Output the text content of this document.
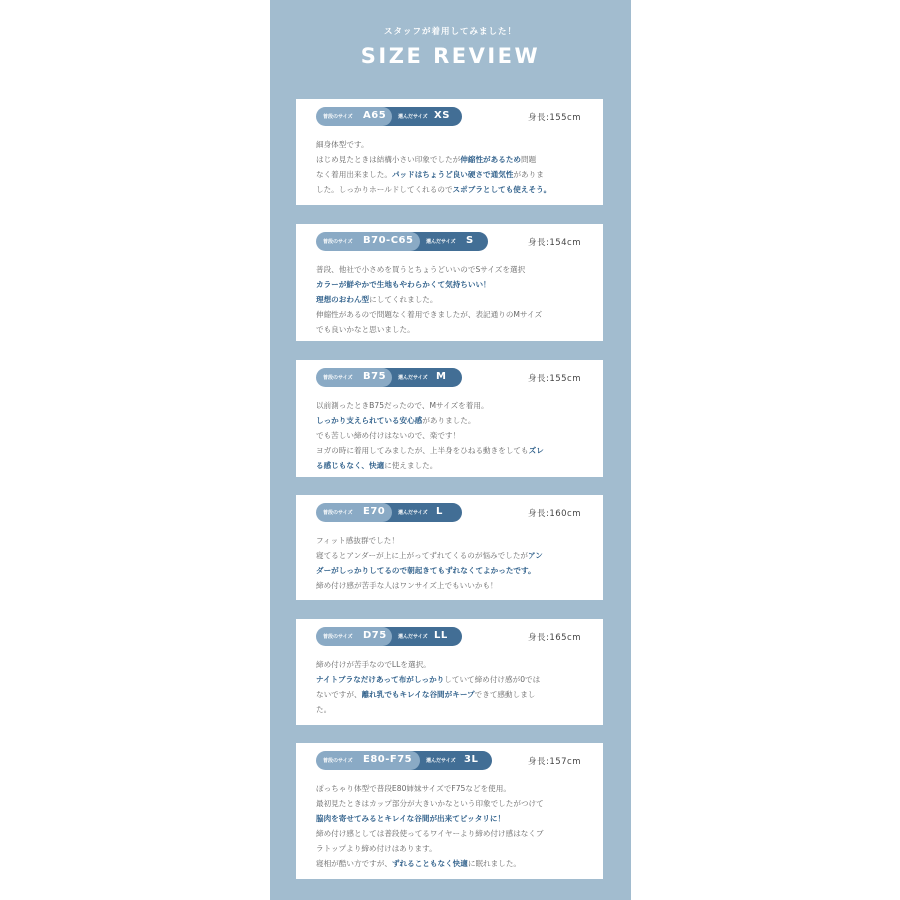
スタッフが着用してみました！
SIZE REVIEW
選んだサイズ XS
普段のサイズ A65	身長:155cm
細身体型です。
はじめ見たときは結構小さい印象でしたが伸縮性があるため問題
なく着用出来ました。パッドはちょうど良い硬さで通気性がありま
した。しっかりホールドしてくれるのでスポブラとしても使えそう。
選んだサイズ S
普段のサイズ B70-C65	身長:154cm
普段、他社で小さめを買うとちょうどいいのでSサイズを選択
カラーが鮮やかで生地もやわらかくて気持ちいい！
理想のおわん型にしてくれました。
伸縮性があるので問題なく着用できましたが、表記通りのMサイズ
でも良いかなと思いました。
選んだサイズ M
普段のサイズ B75	身長:155cm
以前測ったときB75だったので、Mサイズを着用。
しっかり支えられている安心感がありました。
でも苦しい締め付けはないので、楽です！
ヨガの時に着用してみましたが、上半身をひねる動きをしてもズレ
る感じもなく、快適に使えました。
選んだサイズ L
普段のサイズ E70	身長:160cm
フィット感抜群でした！
寝てるとアンダーが上に上がってずれてくるのが悩みでしたがアン
ダーがしっかりしてるので朝起きてもずれなくてよかったです。
締め付け感が苦手な人はワンサイズ上でもいいかも！
選んだサイズ LL
普段のサイズ D75	身長:165cm
締め付けが苦手なのでLLを選択。
ナイトブラなだけあって布がしっかりしていて締め付け感が0では
ないですが、離れ乳でもキレイな谷間がキープできて感動しまし
た。
選んだサイズ 3L
普段のサイズ E80-F75	身長:157cm
ぽっちゃり体型で普段E80姉妹サイズでF75などを使用。
最初見たときはカップ部分が大きいかなという印象でしたがつけて
脇肉を寄せてみるとキレイな谷間が出来てピッタリに！
締め付け感としては普段使ってるワイヤーより締め付け感はなくブ
ラトップより締め付けはあります。
寝相が酷い方ですが、ずれることもなく快適に眠れました。
